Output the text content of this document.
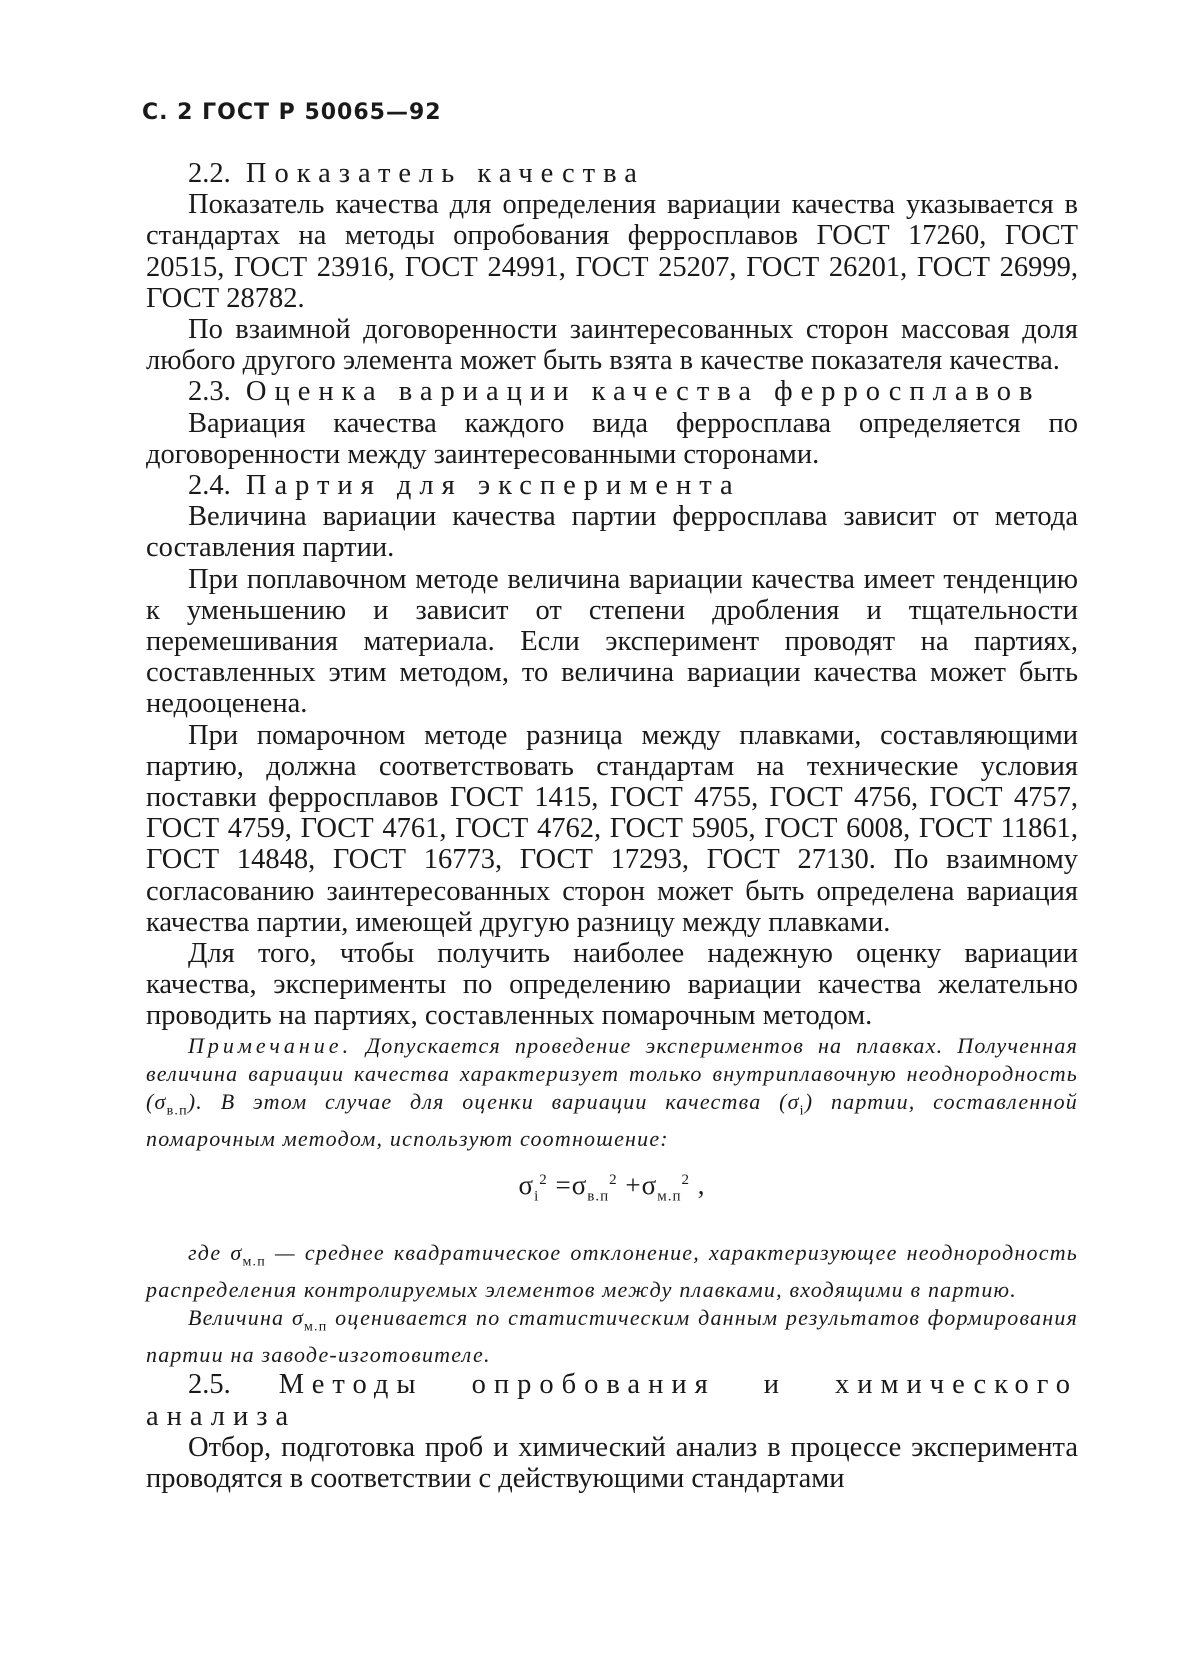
С. 2 ГОСТ Р 50065—92

2.2. Показатель качества

Показатель качества для определения вариации качества указывается в стандартах на методы опробования ферросплавов ГОСТ 17260, ГОСТ 20515, ГОСТ 23916, ГОСТ 24991, ГОСТ 25207, ГОСТ 26201, ГОСТ 26999, ГОСТ 28782.

По взаимной договоренности заинтересованных сторон массовая доля любого другого элемента может быть взята в качестве показателя качества.

2.3. Оценка вариации качества ферросплавов

Вариация качества каждого вида ферросплава определяется по договоренности между заинтересованными сторонами.

2.4. Партия для эксперимента

Величина вариации качества партии ферросплава зависит от метода составления партии.

При поплавочном методе величина вариации качества имеет тенденцию к уменьшению и зависит от степени дробления и тщательности перемешивания материала. Если эксперимент проводят на партиях, составленных этим методом, то величина вариации качества может быть недооценена.

При помарочном методе разница между плавками, составляющими партию, должна соответствовать стандартам на технические условия поставки ферросплавов ГОСТ 1415, ГОСТ 4755, ГОСТ 4756, ГОСТ 4757, ГОСТ 4759, ГОСТ 4761, ГОСТ 4762, ГОСТ 5905, ГОСТ 6008, ГОСТ 11861, ГОСТ 14848, ГОСТ 16773, ГОСТ 17293, ГОСТ 27130. По взаимному согласованию заинтересованных сторон может быть определена вариация качества партии, имеющей другую разницу между плавками.

Для того, чтобы получить наиболее надежную оценку вариации качества, эксперименты по определению вариации качества желательно проводить на партиях, составленных помарочным методом.

Примечание. Допускается проведение экспериментов на плавках. Полученная величина вариации качества характеризует только внутриплавочную неоднородность $(\sigma_{в.п})$. В этом случае для оценки вариации качества $(\sigma_i)$ партии, составленной помарочным методом, используют соотношение:

$\sigma_i^2 =\sigma_{в.п}^2 +\sigma_{м.п}^2$ ,

где $\sigma_{м.п}$ — среднее квадратическое отклонение, характеризующее неоднородность распределения контролируемых элементов между плавками, входящими в партию.

Величина $\sigma_{м.п}$ оценивается по статистическим данным результатов формирования партии на заводе-изготовителе.

2.5. Методы опробования и химического анализа

Отбор, подготовка проб и химический анализ в процессе эксперимента проводятся в соответствии с действующими стандартами
